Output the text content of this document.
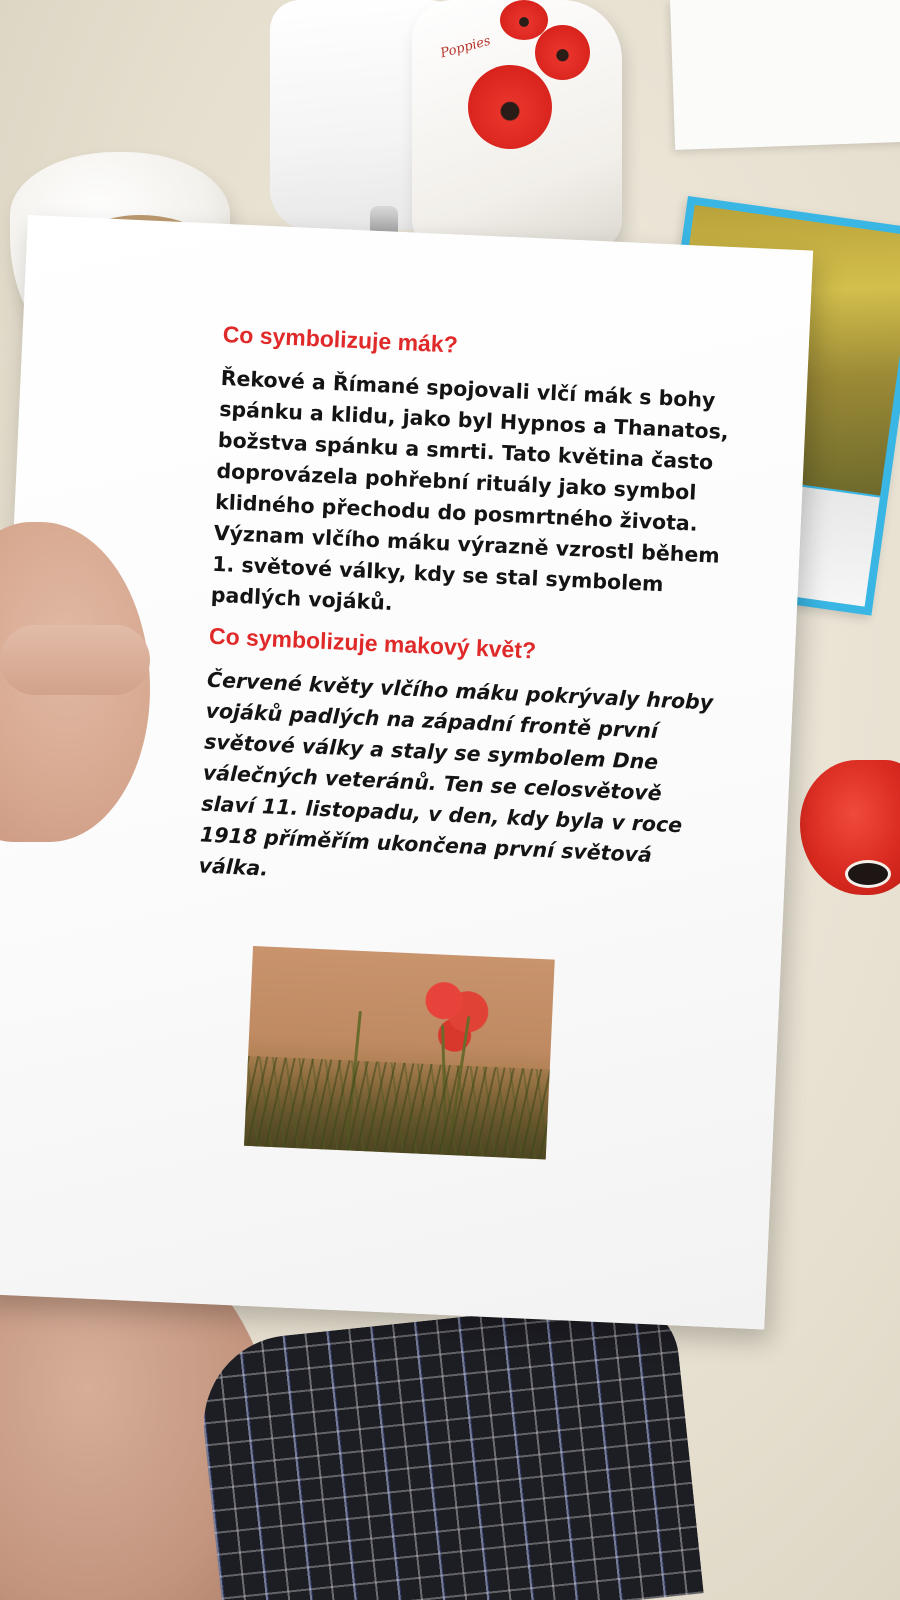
Poppies
Co symbolizuje mák?

Řekové a Římané spojovali vlčí mák s bohy
spánku a klidu, jako byl Hypnos a Thanatos,
božstva spánku a smrti. Tato květina často
doprovázela pohřební rituály jako symbol
klidného přechodu do posmrtného života.
Význam vlčího máku výrazně vzrostl během
1. světové války, kdy se stal symbolem
padlých vojáků.

Co symbolizuje makový květ?

Červené květy vlčího máku pokrývaly hroby
vojáků padlých na západní frontě první
světové války a staly se symbolem Dne
válečných veteránů. Ten se celosvětově
slaví 11. listopadu, v den, kdy byla v roce
1918 příměřím ukončena první světová
válka.
